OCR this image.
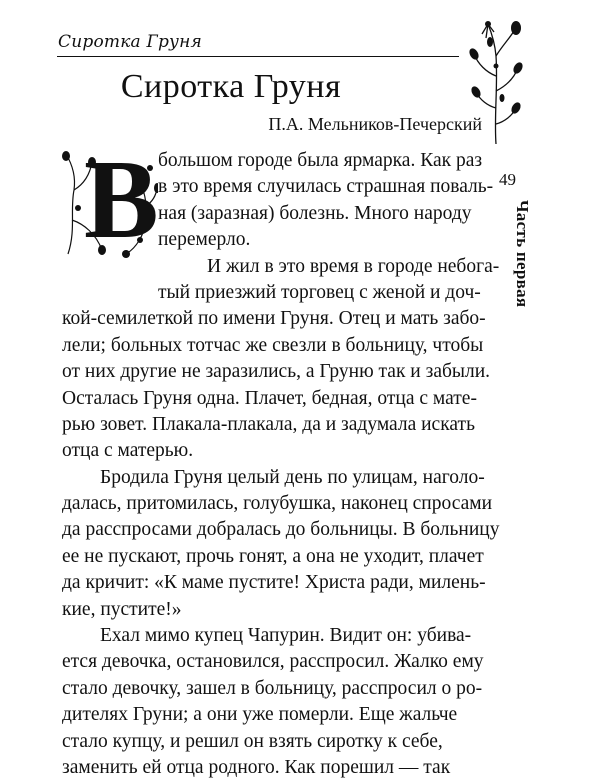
Сиротка Груня
Сиротка Груня
П.А. Мельников-Печерский
49
Часть первая
В большом городе была ярмарка. Как раз
в это время случилась страшная поваль-
ная (заразная) болезнь. Много народу
перемерло.
И жил в это время в городе небога-
тый приезжий торговец с женой и доч-
кой-семилеткой по имени Груня. Отец и мать забо-
лели; больных тотчас же свезли в больницу, чтобы
от них другие не заразились, а Груню так и забыли.
Осталась Груня одна. Плачет, бедная, отца с мате-
рью зовет. Плакала-плакала, да и задумала искать
отца с матерью.
Бродила Груня целый день по улицам, наголо-
далась, притомилась, голубушка, наконец спросами
да расспросами добралась до больницы. В больницу
ее не пускают, прочь гонят, а она не уходит, плачет
да кричит: «К маме пустите! Христа ради, милень-
кие, пустите!»
Ехал мимо купец Чапурин. Видит он: убива-
ется девочка, остановился, расспросил. Жалко ему
стало девочку, зашел в больницу, расспросил о ро-
дителях Груни; а они уже померли. Еще жальче
стало купцу, и решил он взять сиротку к себе,
заменить ей отца родного. Как порешил — так
